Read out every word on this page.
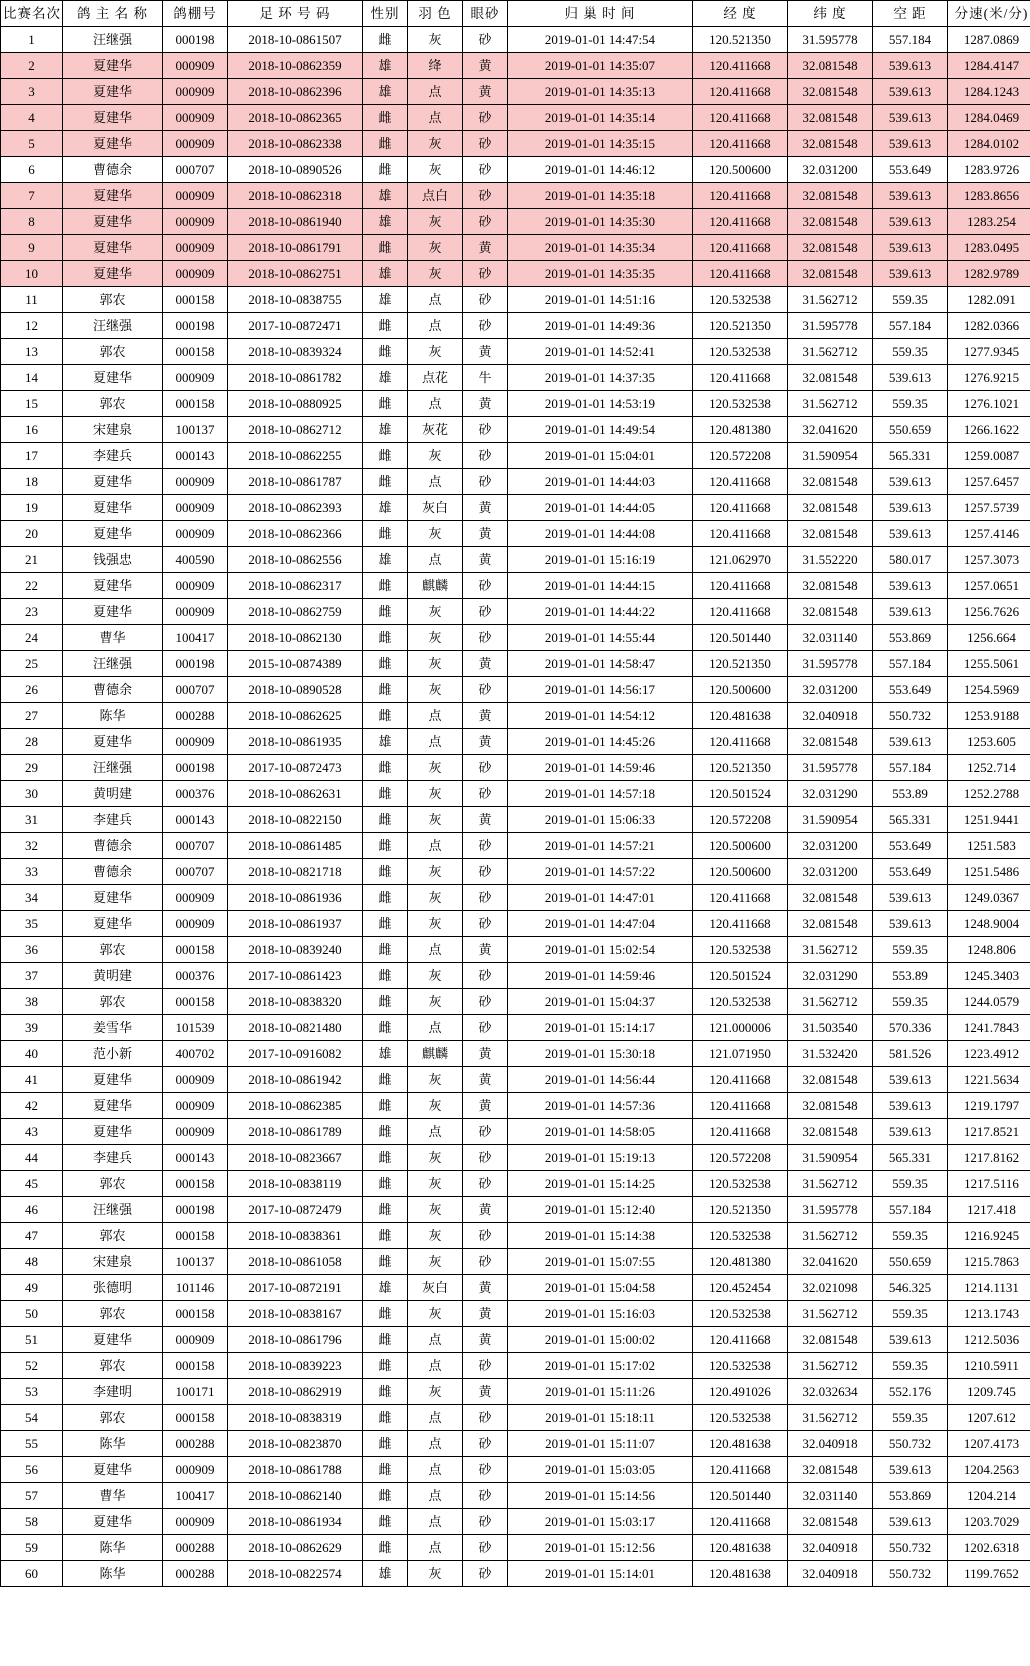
比赛名次	鸽 主 名 称	鸽棚号	足 环 号 码	性别	羽 色	眼砂	归 巢 时 间	经 度	纬 度	空 距	分速(米/分)
1	汪继强	000198	2018-10-0861507	雌	灰	砂	2019-01-01 14:47:54	120.521350	31.595778	557.184	1287.0869
2	夏建华	000909	2018-10-0862359	雄	绛	黄	2019-01-01 14:35:07	120.411668	32.081548	539.613	1284.4147
3	夏建华	000909	2018-10-0862396	雄	点	黄	2019-01-01 14:35:13	120.411668	32.081548	539.613	1284.1243
4	夏建华	000909	2018-10-0862365	雌	点	砂	2019-01-01 14:35:14	120.411668	32.081548	539.613	1284.0469
5	夏建华	000909	2018-10-0862338	雌	灰	砂	2019-01-01 14:35:15	120.411668	32.081548	539.613	1284.0102
6	曹德余	000707	2018-10-0890526	雌	灰	砂	2019-01-01 14:46:12	120.500600	32.031200	553.649	1283.9726
7	夏建华	000909	2018-10-0862318	雄	点白	砂	2019-01-01 14:35:18	120.411668	32.081548	539.613	1283.8656
8	夏建华	000909	2018-10-0861940	雄	灰	砂	2019-01-01 14:35:30	120.411668	32.081548	539.613	1283.254
9	夏建华	000909	2018-10-0861791	雌	灰	黄	2019-01-01 14:35:34	120.411668	32.081548	539.613	1283.0495
10	夏建华	000909	2018-10-0862751	雄	灰	砂	2019-01-01 14:35:35	120.411668	32.081548	539.613	1282.9789
11	郭农	000158	2018-10-0838755	雄	点	砂	2019-01-01 14:51:16	120.532538	31.562712	559.35	1282.091
12	汪继强	000198	2017-10-0872471	雌	点	砂	2019-01-01 14:49:36	120.521350	31.595778	557.184	1282.0366
13	郭农	000158	2018-10-0839324	雌	灰	黄	2019-01-01 14:52:41	120.532538	31.562712	559.35	1277.9345
14	夏建华	000909	2018-10-0861782	雄	点花	牛	2019-01-01 14:37:35	120.411668	32.081548	539.613	1276.9215
15	郭农	000158	2018-10-0880925	雌	点	黄	2019-01-01 14:53:19	120.532538	31.562712	559.35	1276.1021
16	宋建泉	100137	2018-10-0862712	雄	灰花	砂	2019-01-01 14:49:54	120.481380	32.041620	550.659	1266.1622
17	李建兵	000143	2018-10-0862255	雌	灰	砂	2019-01-01 15:04:01	120.572208	31.590954	565.331	1259.0087
18	夏建华	000909	2018-10-0861787	雌	点	砂	2019-01-01 14:44:03	120.411668	32.081548	539.613	1257.6457
19	夏建华	000909	2018-10-0862393	雄	灰白	黄	2019-01-01 14:44:05	120.411668	32.081548	539.613	1257.5739
20	夏建华	000909	2018-10-0862366	雌	灰	黄	2019-01-01 14:44:08	120.411668	32.081548	539.613	1257.4146
21	钱强忠	400590	2018-10-0862556	雄	点	黄	2019-01-01 15:16:19	121.062970	31.552220	580.017	1257.3073
22	夏建华	000909	2018-10-0862317	雌	麒麟	砂	2019-01-01 14:44:15	120.411668	32.081548	539.613	1257.0651
23	夏建华	000909	2018-10-0862759	雌	灰	砂	2019-01-01 14:44:22	120.411668	32.081548	539.613	1256.7626
24	曹华	100417	2018-10-0862130	雌	灰	砂	2019-01-01 14:55:44	120.501440	32.031140	553.869	1256.664
25	汪继强	000198	2015-10-0874389	雌	灰	黄	2019-01-01 14:58:47	120.521350	31.595778	557.184	1255.5061
26	曹德余	000707	2018-10-0890528	雌	灰	砂	2019-01-01 14:56:17	120.500600	32.031200	553.649	1254.5969
27	陈华	000288	2018-10-0862625	雌	点	黄	2019-01-01 14:54:12	120.481638	32.040918	550.732	1253.9188
28	夏建华	000909	2018-10-0861935	雄	点	黄	2019-01-01 14:45:26	120.411668	32.081548	539.613	1253.605
29	汪继强	000198	2017-10-0872473	雌	灰	砂	2019-01-01 14:59:46	120.521350	31.595778	557.184	1252.714
30	黄明建	000376	2018-10-0862631	雌	灰	砂	2019-01-01 14:57:18	120.501524	32.031290	553.89	1252.2788
31	李建兵	000143	2018-10-0822150	雌	灰	黄	2019-01-01 15:06:33	120.572208	31.590954	565.331	1251.9441
32	曹德余	000707	2018-10-0861485	雌	点	砂	2019-01-01 14:57:21	120.500600	32.031200	553.649	1251.583
33	曹德余	000707	2018-10-0821718	雌	灰	砂	2019-01-01 14:57:22	120.500600	32.031200	553.649	1251.5486
34	夏建华	000909	2018-10-0861936	雌	灰	砂	2019-01-01 14:47:01	120.411668	32.081548	539.613	1249.0367
35	夏建华	000909	2018-10-0861937	雌	灰	砂	2019-01-01 14:47:04	120.411668	32.081548	539.613	1248.9004
36	郭农	000158	2018-10-0839240	雌	点	黄	2019-01-01 15:02:54	120.532538	31.562712	559.35	1248.806
37	黄明建	000376	2017-10-0861423	雌	灰	砂	2019-01-01 14:59:46	120.501524	32.031290	553.89	1245.3403
38	郭农	000158	2018-10-0838320	雌	灰	砂	2019-01-01 15:04:37	120.532538	31.562712	559.35	1244.0579
39	姜雪华	101539	2018-10-0821480	雌	点	砂	2019-01-01 15:14:17	121.000006	31.503540	570.336	1241.7843
40	范小新	400702	2017-10-0916082	雄	麒麟	黄	2019-01-01 15:30:18	121.071950	31.532420	581.526	1223.4912
41	夏建华	000909	2018-10-0861942	雌	灰	黄	2019-01-01 14:56:44	120.411668	32.081548	539.613	1221.5634
42	夏建华	000909	2018-10-0862385	雌	灰	黄	2019-01-01 14:57:36	120.411668	32.081548	539.613	1219.1797
43	夏建华	000909	2018-10-0861789	雌	点	砂	2019-01-01 14:58:05	120.411668	32.081548	539.613	1217.8521
44	李建兵	000143	2018-10-0823667	雌	灰	砂	2019-01-01 15:19:13	120.572208	31.590954	565.331	1217.8162
45	郭农	000158	2018-10-0838119	雌	灰	砂	2019-01-01 15:14:25	120.532538	31.562712	559.35	1217.5116
46	汪继强	000198	2017-10-0872479	雌	灰	黄	2019-01-01 15:12:40	120.521350	31.595778	557.184	1217.418
47	郭农	000158	2018-10-0838361	雌	灰	砂	2019-01-01 15:14:38	120.532538	31.562712	559.35	1216.9245
48	宋建泉	100137	2018-10-0861058	雌	灰	砂	2019-01-01 15:07:55	120.481380	32.041620	550.659	1215.7863
49	张德明	101146	2017-10-0872191	雄	灰白	黄	2019-01-01 15:04:58	120.452454	32.021098	546.325	1214.1131
50	郭农	000158	2018-10-0838167	雌	灰	黄	2019-01-01 15:16:03	120.532538	31.562712	559.35	1213.1743
51	夏建华	000909	2018-10-0861796	雌	点	黄	2019-01-01 15:00:02	120.411668	32.081548	539.613	1212.5036
52	郭农	000158	2018-10-0839223	雌	点	砂	2019-01-01 15:17:02	120.532538	31.562712	559.35	1210.5911
53	李建明	100171	2018-10-0862919	雌	灰	黄	2019-01-01 15:11:26	120.491026	32.032634	552.176	1209.745
54	郭农	000158	2018-10-0838319	雌	点	砂	2019-01-01 15:18:11	120.532538	31.562712	559.35	1207.612
55	陈华	000288	2018-10-0823870	雌	点	砂	2019-01-01 15:11:07	120.481638	32.040918	550.732	1207.4173
56	夏建华	000909	2018-10-0861788	雌	点	砂	2019-01-01 15:03:05	120.411668	32.081548	539.613	1204.2563
57	曹华	100417	2018-10-0862140	雌	点	砂	2019-01-01 15:14:56	120.501440	32.031140	553.869	1204.214
58	夏建华	000909	2018-10-0861934	雌	点	砂	2019-01-01 15:03:17	120.411668	32.081548	539.613	1203.7029
59	陈华	000288	2018-10-0862629	雌	点	砂	2019-01-01 15:12:56	120.481638	32.040918	550.732	1202.6318
60	陈华	000288	2018-10-0822574	雄	灰	砂	2019-01-01 15:14:01	120.481638	32.040918	550.732	1199.7652
